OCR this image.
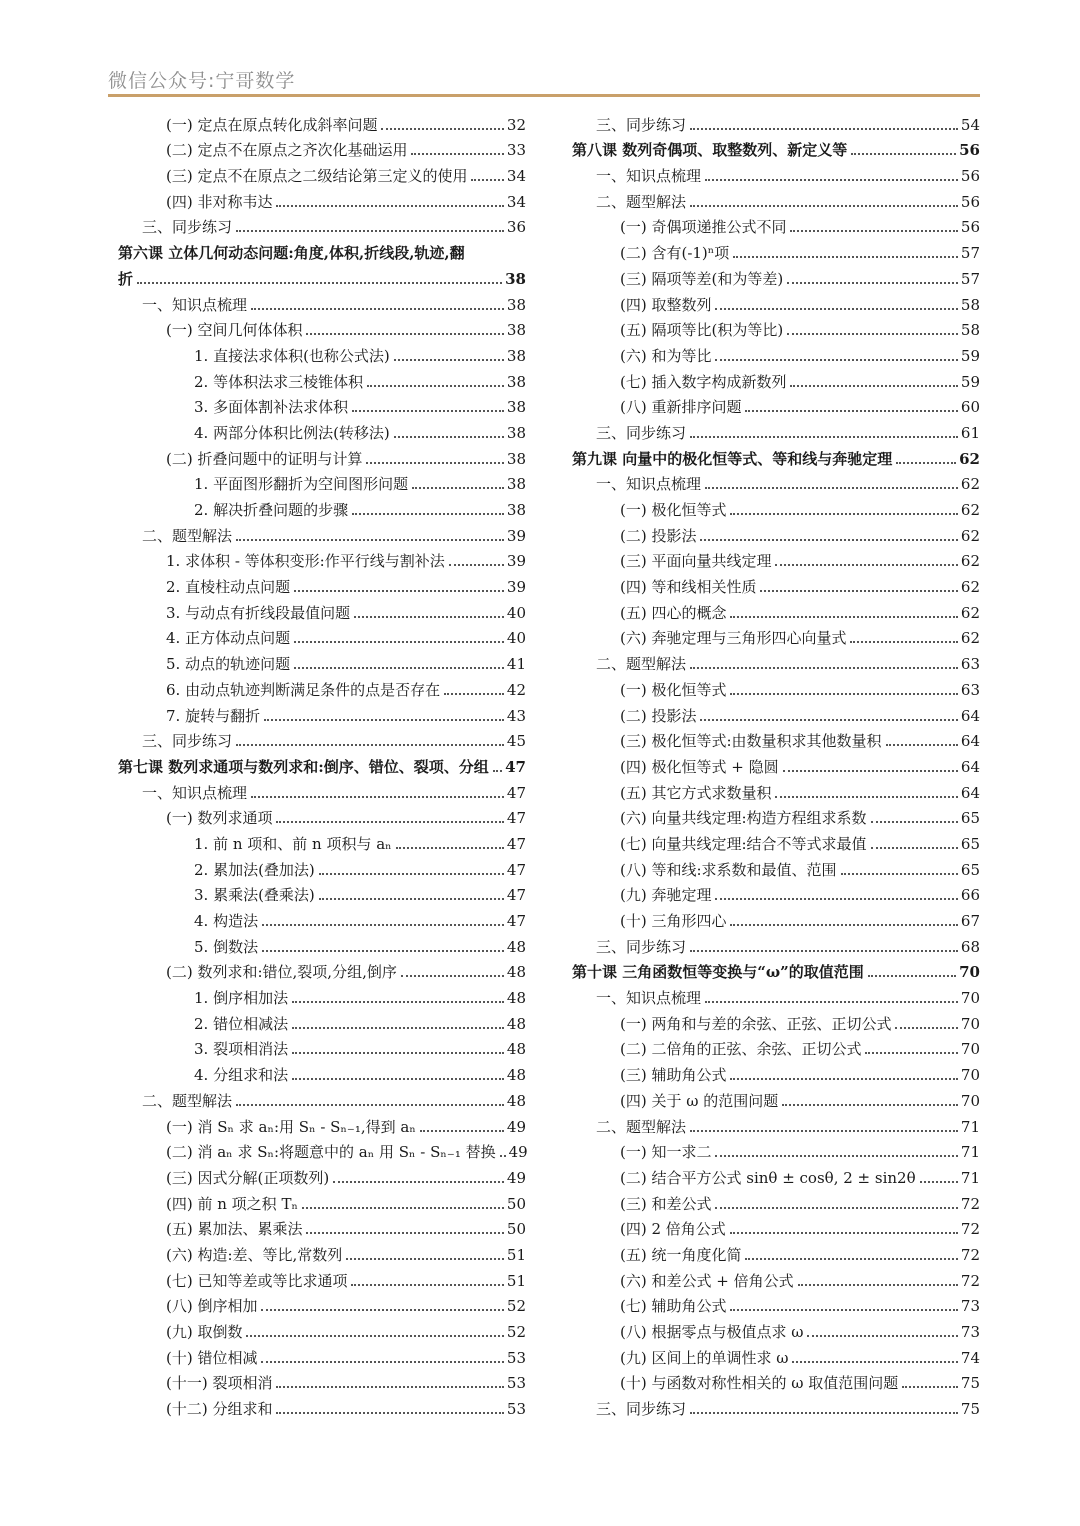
微信公众号:宁哥数学
(一) 定点在原点转化成斜率问题	32
(二) 定点不在原点之齐次化基础运用	33
(三) 定点不在原点之二级结论第三定义的使用	34
(四) 非对称韦达	34
三、同步练习	36
第六课 立体几何动态问题:角度,体积,折线段,轨迹,翻
折	38
一、知识点梳理	38
(一) 空间几何体体积	38
1. 直接法求体积(也称公式法)	38
2. 等体积法求三棱锥体积	38
3. 多面体割补法求体积	38
4. 两部分体积比例法(转移法)	38
(二) 折叠问题中的证明与计算	38
1. 平面图形翻折为空间图形问题	38
2. 解决折叠问题的步骤	38
二、题型解法	39
1. 求体积 - 等体积变形:作平行线与割补法	39
2. 直棱柱动点问题	39
3. 与动点有折线段最值问题	40
4. 正方体动点问题	40
5. 动点的轨迹问题	41
6. 由动点轨迹判断满足条件的点是否存在	42
7. 旋转与翻折	43
三、同步练习	45
第七课 数列求通项与数列求和:倒序、错位、裂项、分组 47
一、知识点梳理	47
(一) 数列求通项	47
1. 前 n 项和、前 n 项积与 aₙ	47
2. 累加法(叠加法)	47
3. 累乘法(叠乘法)	47
4. 构造法	47
5. 倒数法	48
(二) 数列求和:错位,裂项,分组,倒序	48
1. 倒序相加法	48
2. 错位相减法	48
3. 裂项相消法	48
4. 分组求和法	48
二、题型解法	48
(一) 消 Sₙ 求 aₙ:用 Sₙ - Sₙ₋₁,得到 aₙ	49
(二) 消 aₙ 求 Sₙ:将题意中的 aₙ 用 Sₙ - Sₙ₋₁ 替换 49
(三) 因式分解(正项数列)	49
(四) 前 n 项之积 Tₙ	50
(五) 累加法、累乘法	50
(六) 构造:差、等比,常数列	51
(七) 已知等差或等比求通项	51
(八) 倒序相加	52
(九) 取倒数	52
(十) 错位相减	53
(十一) 裂项相消	53
(十二) 分组求和	53
三、同步练习	54
第八课 数列奇偶项、取整数列、新定义等	56
一、知识点梳理	56
二、题型解法	56
(一) 奇偶项递推公式不同	56
(二) 含有(-1)ⁿ项	57
(三) 隔项等差(和为等差)	57
(四) 取整数列	58
(五) 隔项等比(积为等比)	58
(六) 和为等比	59
(七) 插入数字构成新数列	59
(八) 重新排序问题	60
三、同步练习	61
第九课 向量中的极化恒等式、等和线与奔驰定理	62
一、知识点梳理	62
(一) 极化恒等式	62
(二) 投影法	62
(三) 平面向量共线定理	62
(四) 等和线相关性质	62
(五) 四心的概念	62
(六) 奔驰定理与三角形四心向量式	62
二、题型解法	63
(一) 极化恒等式	63
(二) 投影法	64
(三) 极化恒等式:由数量积求其他数量积	64
(四) 极化恒等式 + 隐圆	64
(五) 其它方式求数量积	64
(六) 向量共线定理:构造方程组求系数	65
(七) 向量共线定理:结合不等式求最值	65
(八) 等和线:求系数和最值、范围	65
(九) 奔驰定理	66
(十) 三角形四心	67
三、同步练习	68
第十课 三角函数恒等变换与“ω”的取值范围	70
一、知识点梳理	70
(一) 两角和与差的余弦、正弦、正切公式	70
(二) 二倍角的正弦、余弦、正切公式	70
(三) 辅助角公式	70
(四) 关于 ω 的范围问题	70
二、题型解法	71
(一) 知一求二	71
(二) 结合平方公式 sinθ ± cosθ, 2 ± sin2θ	71
(三) 和差公式	72
(四) 2 倍角公式	72
(五) 统一角度化简	72
(六) 和差公式 + 倍角公式	72
(七) 辅助角公式	73
(八) 根据零点与极值点求 ω	73
(九) 区间上的单调性求 ω	74
(十) 与函数对称性相关的 ω 取值范围问题	75
三、同步练习	75
